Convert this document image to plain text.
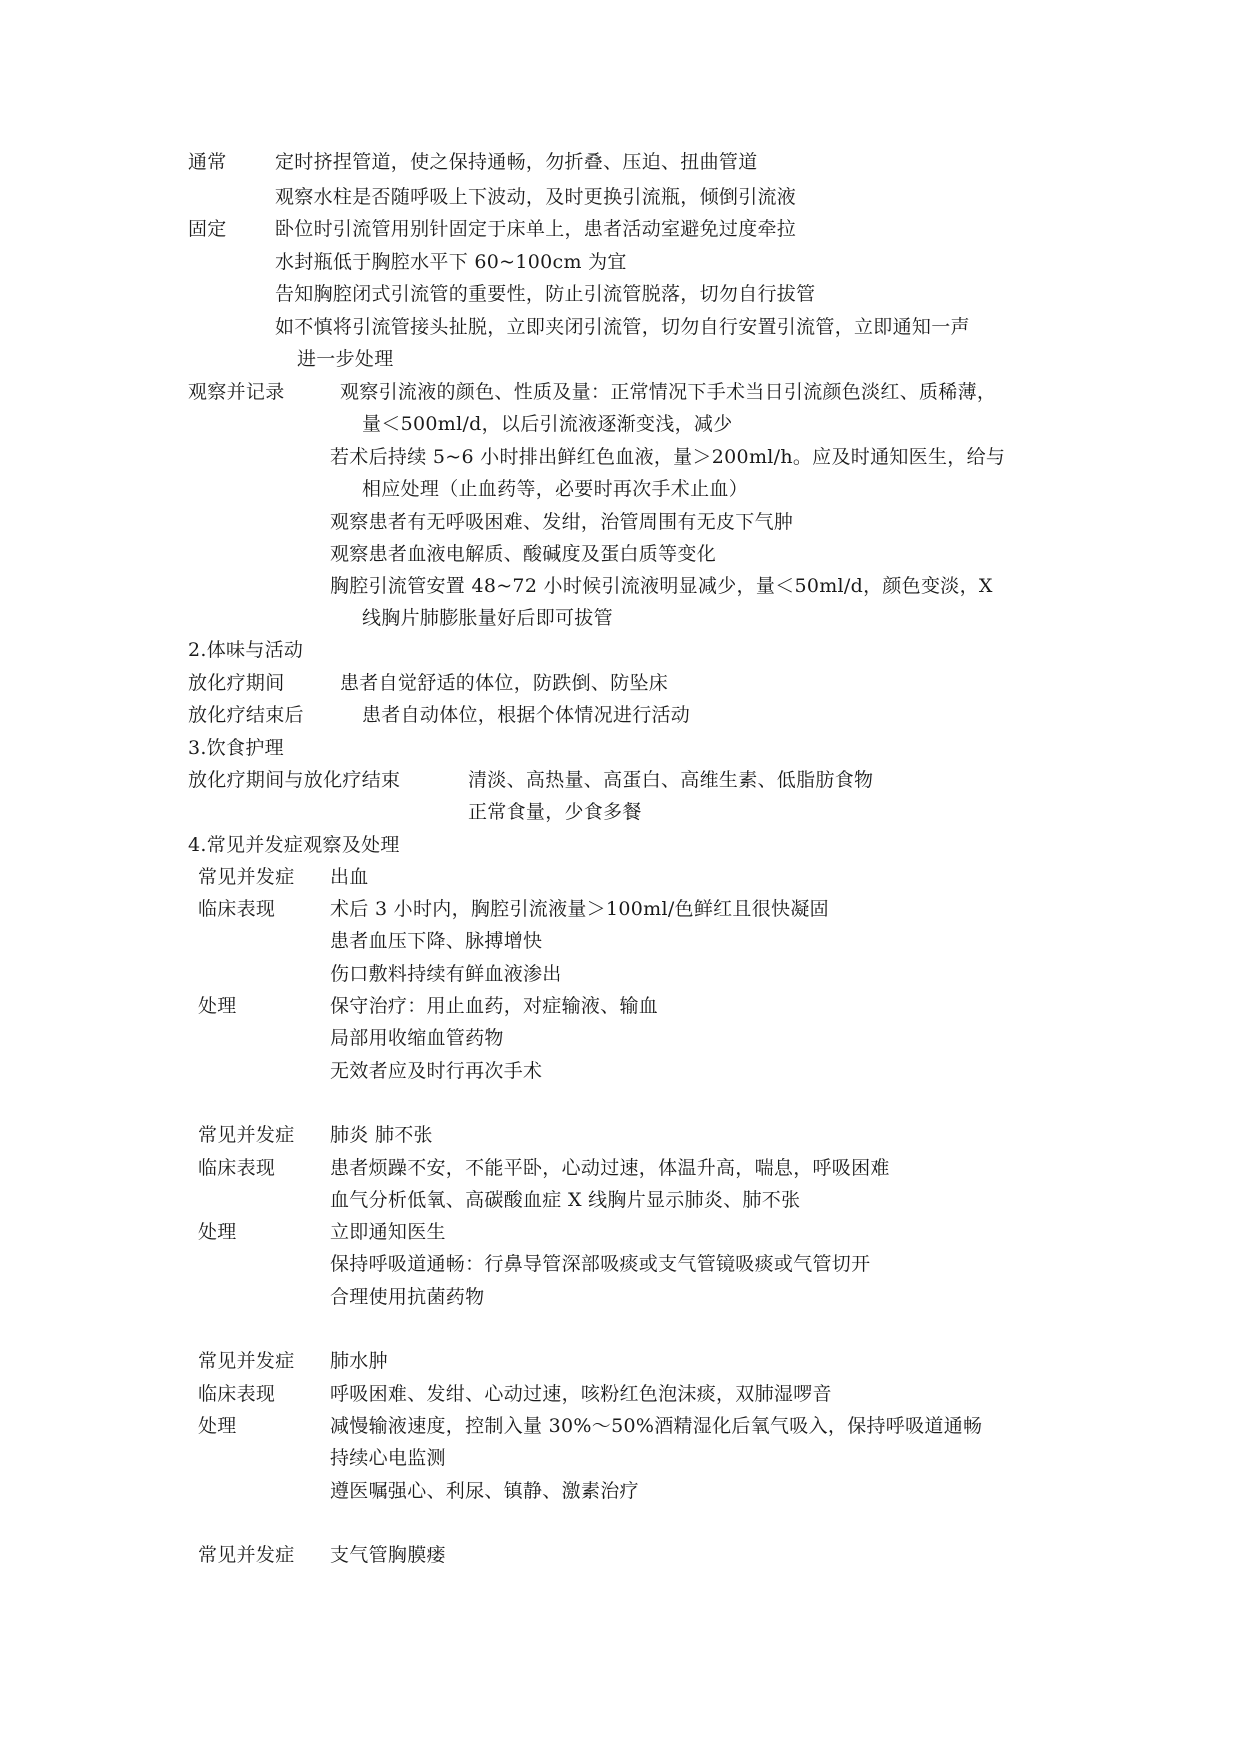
通常	定时挤捏管道，使之保持通畅，勿折叠、压迫、扭曲管道
观察水柱是否随呼吸上下波动，及时更换引流瓶，倾倒引流液
固定	卧位时引流管用别针固定于床单上，患者活动室避免过度牵拉
水封瓶低于胸腔水平下 60~100cm 为宜
告知胸腔闭式引流管的重要性，防止引流管脱落，切勿自行拔管
如不慎将引流管接头扯脱，立即夹闭引流管，切勿自行安置引流管，立即通知一声
进一步处理
观察并记录	观察引流液的颜色、性质及量：正常情况下手术当日引流颜色淡红、质稀薄，
量＜500ml/d，以后引流液逐渐变浅，减少
若术后持续 5~6 小时排出鲜红色血液，量＞200ml/h。应及时通知医生，给与
相应处理（止血药等，必要时再次手术止血）
观察患者有无呼吸困难、发绀，治管周围有无皮下气肿
观察患者血液电解质、酸碱度及蛋白质等变化
胸腔引流管安置 48~72 小时候引流液明显减少，量＜50ml/d，颜色变淡，X
线胸片肺膨胀量好后即可拔管
2.体味与活动
放化疗期间	患者自觉舒适的体位，防跌倒、防坠床
放化疗结束后	患者自动体位，根据个体情况进行活动
3.饮食护理
放化疗期间与放化疗结束	清淡、高热量、高蛋白、高维生素、低脂肪食物
正常食量，少食多餐
4.常见并发症观察及处理
常见并发症 出血
临床表现	术后 3 小时内，胸腔引流液量＞100ml/色鲜红且很快凝固
患者血压下降、脉搏增快
伤口敷料持续有鲜血液渗出
处理	保守治疗：用止血药，对症输液、输血
局部用收缩血管药物
无效者应及时行再次手术
常见并发症 肺炎 肺不张
临床表现	患者烦躁不安，不能平卧，心动过速，体温升高，喘息，呼吸困难
血气分析低氧、高碳酸血症 X 线胸片显示肺炎、肺不张
处理	立即通知医生
保持呼吸道通畅：行鼻导管深部吸痰或支气管镜吸痰或气管切开
合理使用抗菌药物
常见并发症 肺水肿
临床表现	呼吸困难、发绀、心动过速，咳粉红色泡沫痰，双肺湿啰音
处理	减慢输液速度，控制入量 30%～50%酒精湿化后氧气吸入，保持呼吸道通畅
持续心电监测
遵医嘱强心、利尿、镇静、激素治疗
常见并发症 支气管胸膜瘘
